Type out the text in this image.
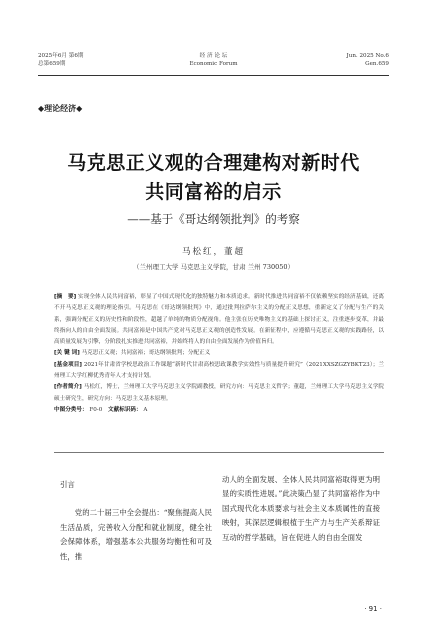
2025年6月 第6期
总第659期
经 济 论 坛
Economic Forum
Jun. 2025 No.6
Gen.659
◆理论经济◆
马克思正义观的合理建构对新时代
共同富裕的启示
——基于《哥达纲领批判》的考察
马松红，董超
（兰州理工大学 马克思主义学院，甘肃 兰州 730050）

[摘　要] 实现全体人民共同富裕，彰显了中国式现代化的独特魅力和本质追求。新时代推进共同富裕不仅依赖坚实的经济基础，还离不开马克思正义观的理论指引。马克思在《哥达纲领批判》中，通过批判拉萨尔主义的分配正义思想，重新定义了分配与生产的关系，强调分配正义的历史性和阶段性，超越了单纯的物质分配视角。他主张在历史唯物主义的基础上探讨正义，注重逐步变革，并最终指向人的自由全面发展。共同富裕是中国共产党对马克思正义观的创造性发展。在新征程中，应遵循马克思正义观的实践路径，以高质量发展为引擎，分阶段扎实推进共同富裕，并始终将人的自由全面发展作为价值旨归。

[关 键 词] 马克思正义观；共同富裕；哥达纲领批判；分配正义

[基金项目] 2021年甘肃省学校思政治工作课题“新时代甘肃高校思政课教学实效性与质量提升研究”（2021XXSZGZYBKT23）；兰州理工大学红柳优秀青年人才支持计划。

[作者简介] 马松红，博士，兰州理工大学马克思主义学院副教授，研究方向：马克思主义哲学；董超，兰州理工大学马克思主义学院硕士研究生，研究方向：马克思主义基本原理。

中图分类号： F0-0 文献标识码： A

引言

党的二十届三中全会提出：“聚焦提高人民生活品质，完善收入分配和就业制度，健全社会保障体系，增强基本公共服务均衡性和可及性，推

动人的全面发展、全体人民共同富裕取得更为明显的实质性进展。”此决策凸显了共同富裕作为中国式现代化本质要求与社会主义本质属性的直接映射，其深层逻辑根植于生产力与生产关系辩证互动的哲学基础，旨在促进人的自由全面发

· 91 ·
